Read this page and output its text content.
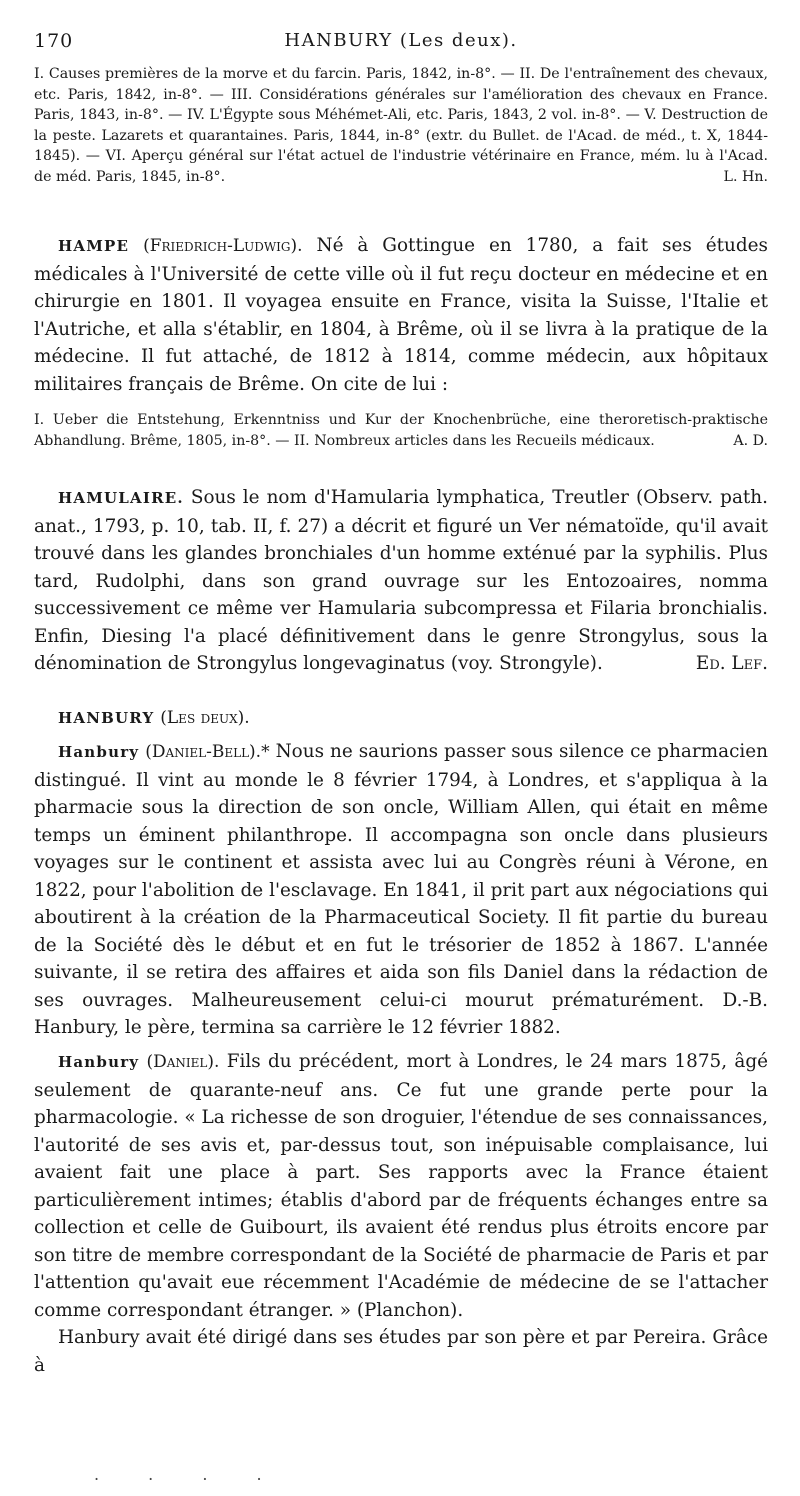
170	HANBURY (Les deux).

I. Causes premières de la morve et du farcin. Paris, 1842, in-8°. — II. De l'entraînement des chevaux, etc. Paris, 1842, in-8°. — III. Considérations générales sur l'amélioration des chevaux en France. Paris, 1843, in-8°. — IV. L'Égypte sous Méhémet-Ali, etc. Paris, 1843, 2 vol. in-8°. — V. Destruction de la peste. Lazarets et quarantaines. Paris, 1844, in-8° (extr. du Bullet. de l'Acad. de méd., t. X, 1844-1845). — VI. Aperçu général sur l'état actuel de l'industrie vétérinaire en France, mém. lu à l'Acad. de méd. Paris, 1845, in-8°.	L. Hn.

HAMPE (Friedrich-Ludwig). Né à Gottingue en 1780, a fait ses études médicales à l'Université de cette ville où il fut reçu docteur en médecine et en chirurgie en 1801. Il voyagea ensuite en France, visita la Suisse, l'Italie et l'Autriche, et alla s'établir, en 1804, à Brême, où il se livra à la pratique de la médecine. Il fut attaché, de 1812 à 1814, comme médecin, aux hôpitaux militaires français de Brême. On cite de lui :

I. Ueber die Entstehung, Erkenntniss und Kur der Knochenbrüche, eine theroretisch-praktische Abhandlung. Brême, 1805, in-8°. — II. Nombreux articles dans les Recueils médicaux.	A. D.

HAMULAIRE. Sous le nom d'Hamularia lymphatica, Treutler (Observ. path. anat., 1793, p. 10, tab. II, f. 27) a décrit et figuré un Ver nématoïde, qu'il avait trouvé dans les glandes bronchiales d'un homme exténué par la syphilis. Plus tard, Rudolphi, dans son grand ouvrage sur les Entozoaires, nomma successivement ce même ver Hamularia subcompressa et Filaria bronchialis. Enfin, Diesing l'a placé définitivement dans le genre Strongylus, sous la dénomination de Strongylus longevaginatus (voy. Strongyle).	Ed. Lef.

HANBURY (Les deux).

Hanbury (Daniel-Bell).* Nous ne saurions passer sous silence ce pharmacien distingué. Il vint au monde le 8 février 1794, à Londres, et s'appliqua à la pharmacie sous la direction de son oncle, William Allen, qui était en même temps un éminent philanthrope. Il accompagna son oncle dans plusieurs voyages sur le continent et assista avec lui au Congrès réuni à Vérone, en 1822, pour l'abolition de l'esclavage. En 1841, il prit part aux négociations qui aboutirent à la création de la Pharmaceutical Society. Il fit partie du bureau de la Société dès le début et en fut le trésorier de 1852 à 1867. L'année suivante, il se retira des affaires et aida son fils Daniel dans la rédaction de ses ouvrages. Malheureusement celui-ci mourut prématurément. D.-B. Hanbury, le père, termina sa carrière le 12 février 1882.

Hanbury (Daniel). Fils du précédent, mort à Londres, le 24 mars 1875, âgé seulement de quarante-neuf ans. Ce fut une grande perte pour la pharmacologie. « La richesse de son droguier, l'étendue de ses connaissances, l'autorité de ses avis et, par-dessus tout, son inépuisable complaisance, lui avaient fait une place à part. Ses rapports avec la France étaient particulièrement intimes; établis d'abord par de fréquents échanges entre sa collection et celle de Guibourt, ils avaient été rendus plus étroits encore par son titre de membre correspondant de la Société de pharmacie de Paris et par l'attention qu'avait eue récemment l'Académie de médecine de se l'attacher comme correspondant étranger. » (Planchon).

Hanbury avait été dirigé dans ses études par son père et par Pereira. Grâce à

. . . .
